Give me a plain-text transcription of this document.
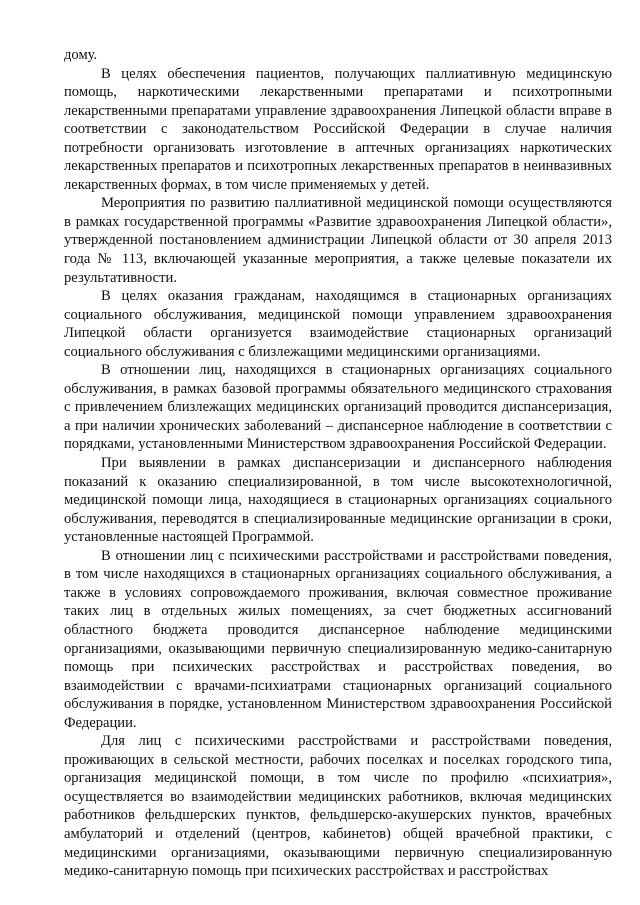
дому.

В целях обеспечения пациентов, получающих паллиативную медицинскую помощь, наркотическими лекарственными препаратами и психотропными лекарственными препаратами управление здравоохранения Липецкой области вправе в соответствии с законодательством Российской Федерации в случае наличия потребности организовать изготовление в аптечных организациях наркотических лекарственных препаратов и психотропных лекарственных препаратов в неинвазивных лекарственных формах, в том числе применяемых у детей.

Мероприятия по развитию паллиативной медицинской помощи осуществляются в рамках государственной программы «Развитие здравоохранения Липецкой области», утвержденной постановлением администрации Липецкой области от 30 апреля 2013 года № 113, включающей указанные мероприятия, а также целевые показатели их результативности.

В целях оказания гражданам, находящимся в стационарных организациях социального обслуживания, медицинской помощи управлением здравоохранения Липецкой области организуется взаимодействие стационарных организаций социального обслуживания с близлежащими медицинскими организациями.

В отношении лиц, находящихся в стационарных организациях социального обслуживания, в рамках базовой программы обязательного медицинского страхования с привлечением близлежащих медицинских организаций проводится диспансеризация, а при наличии хронических заболеваний – диспансерное наблюдение в соответствии с порядками, установленными Министерством здравоохранения Российской Федерации.

При выявлении в рамках диспансеризации и диспансерного наблюдения показаний к оказанию специализированной, в том числе высокотехнологичной, медицинской помощи лица, находящиеся в стационарных организациях социального обслуживания, переводятся в специализированные медицинские организации в сроки, установленные настоящей Программой.

В отношении лиц с психическими расстройствами и расстройствами поведения, в том числе находящихся в стационарных организациях социального обслуживания, а также в условиях сопровождаемого проживания, включая совместное проживание таких лиц в отдельных жилых помещениях, за счет бюджетных ассигнований областного бюджета проводится диспансерное наблюдение медицинскими организациями, оказывающими первичную специализированную медико-санитарную помощь при психических расстройствах и расстройствах поведения, во взаимодействии с врачами-психиатрами стационарных организаций социального обслуживания в порядке, установленном Министерством здравоохранения Российской Федерации.

Для лиц с психическими расстройствами и расстройствами поведения, проживающих в сельской местности, рабочих поселках и поселках городского типа, организация медицинской помощи, в том числе по профилю «психиатрия», осуществляется во взаимодействии медицинских работников, включая медицинских работников фельдшерских пунктов, фельдшерско-акушерских пунктов, врачебных амбулаторий и отделений (центров, кабинетов) общей врачебной практики, с медицинскими организациями, оказывающими первичную специализированную медико-санитарную помощь при психических расстройствах и расстройствах
